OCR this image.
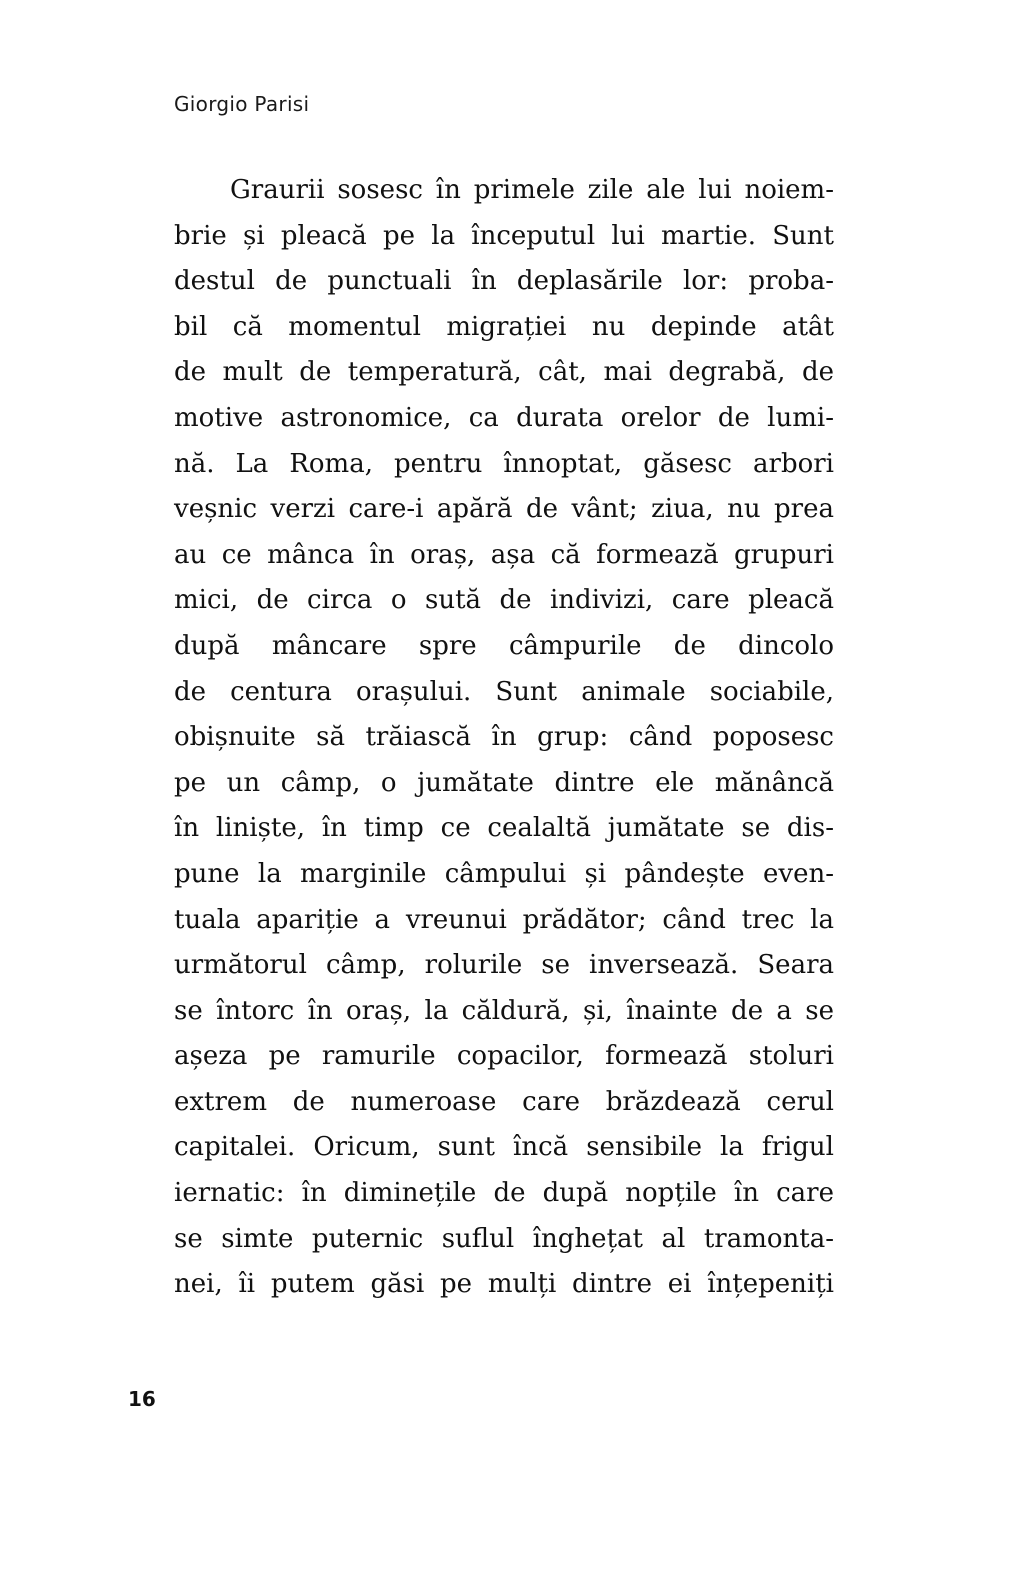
Giorgio Parisi
Graurii sosesc în primele zile ale lui noiem-
brie și pleacă pe la începutul lui martie. Sunt
destul de punctuali în deplasările lor: proba-
bil că momentul migrației nu depinde atât
de mult de temperatură, cât, mai degrabă, de
motive astronomice, ca durata orelor de lumi-
nă. La Roma, pentru înnoptat, găsesc arbori
veșnic verzi care-i apără de vânt; ziua, nu prea
au ce mânca în oraș, așa că formează grupuri
mici, de circa o sută de indivizi, care pleacă
după mâncare spre câmpurile de dincolo
de centura orașului. Sunt animale sociabile,
obișnuite să trăiască în grup: când poposesc
pe un câmp, o jumătate dintre ele mănâncă
în liniște, în timp ce cealaltă jumătate se dis-
pune la marginile câmpului și pândește even-
tuala apariție a vreunui prădător; când trec la
următorul câmp, rolurile se inversează. Seara
se întorc în oraș, la căldură, și, înainte de a se
așeza pe ramurile copacilor, formează stoluri
extrem de numeroase care brăzdează cerul
capitalei. Oricum, sunt încă sensibile la frigul
iernatic: în diminețile de după nopțile în care
se simte puternic suflul înghețat al tramonta-
nei, îi putem găsi pe mulți dintre ei înțepeniți
16
